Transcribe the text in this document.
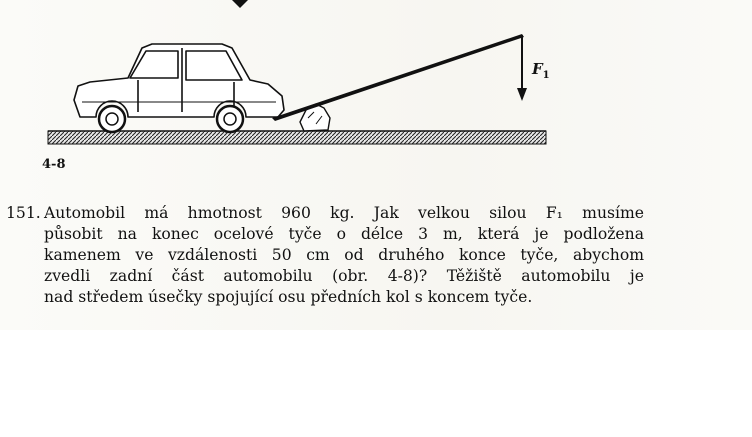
$F_1$
4-8
151. Automobil má hmotnost 960 kg. Jak velkou silou F₁ musíme
působit na konec ocelové tyče o délce 3 m, která je podložena
kamenem ve vzdálenosti 50 cm od druhého konce tyče, abychom
zvedli zadní část automobilu (obr. 4-8)? Těžiště automobilu je
nad středem úsečky spojující osu předních kol s koncem tyče.
